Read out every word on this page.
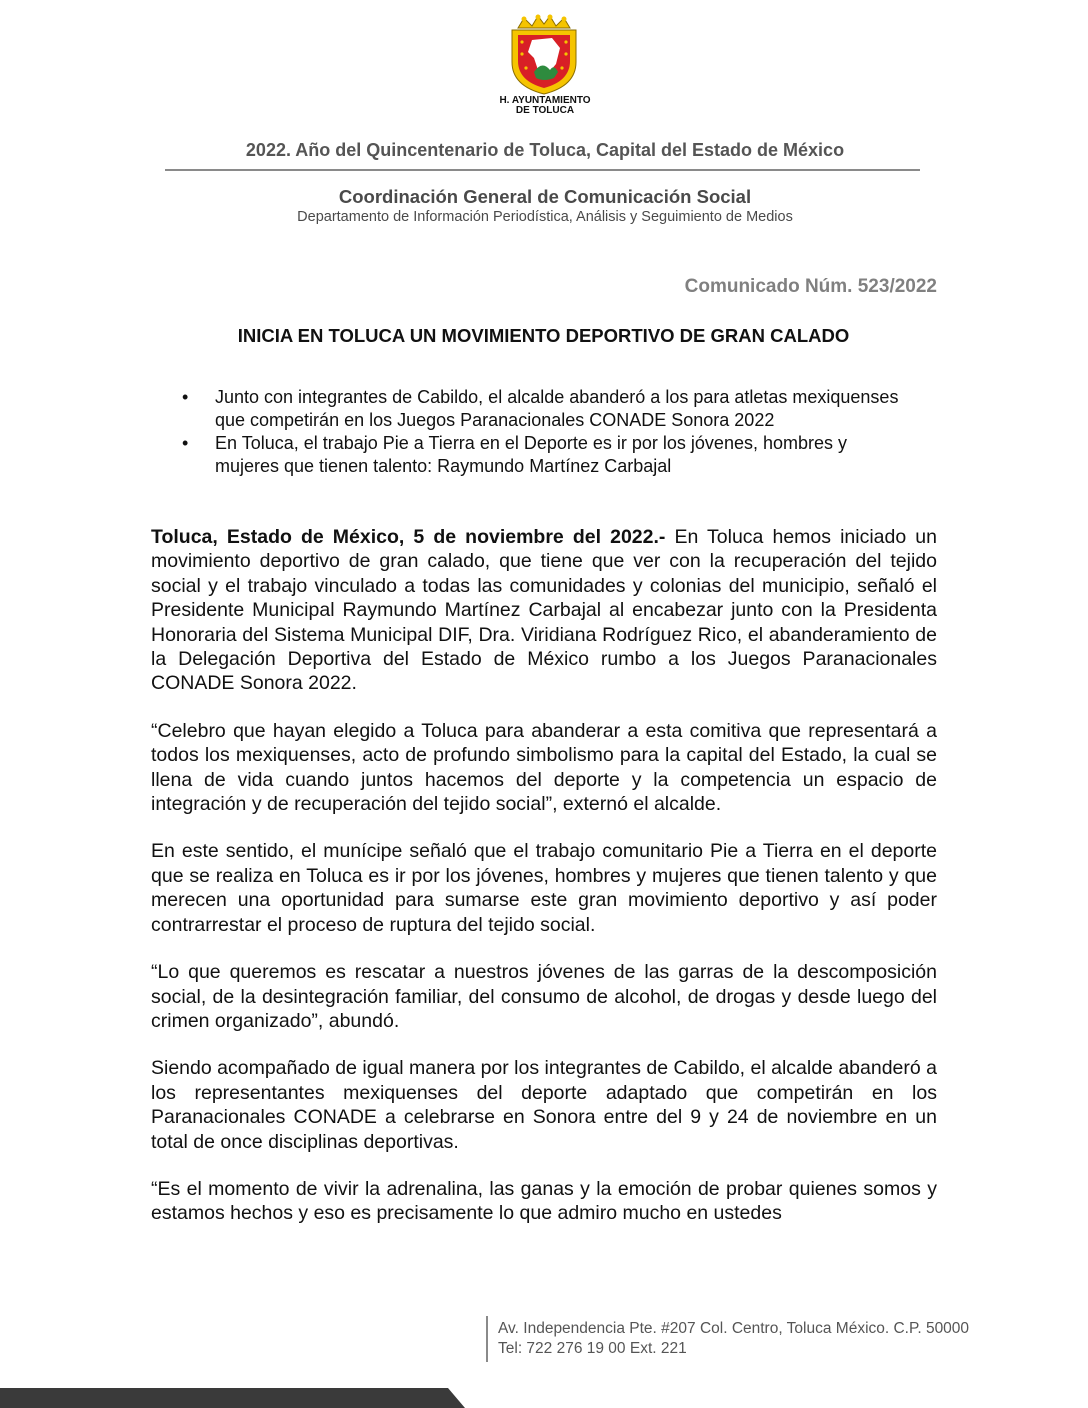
H. AYUNTAMIENTO
DE TOLUCA
2022. Año del Quincentenario de Toluca, Capital del Estado de México
Coordinación General de Comunicación Social
Departamento de Información Periodística, Análisis y Seguimiento de Medios
Comunicado Núm. 523/2022
INICIA EN TOLUCA UN MOVIMIENTO DEPORTIVO DE GRAN CALADO
• Junto con integrantes de Cabildo, el alcalde abanderó a los para atletas mexiquenses que competirán en los Juegos Paranacionales CONADE Sonora 2022
• En Toluca, el trabajo Pie a Tierra en el Deporte es ir por los jóvenes, hombres y mujeres que tienen talento: Raymundo Martínez Carbajal

Toluca, Estado de México, 5 de noviembre del 2022.- En Toluca hemos iniciado un movimiento deportivo de gran calado, que tiene que ver con la recuperación del tejido social y el trabajo vinculado a todas las comunidades y colonias del municipio, señaló el Presidente Municipal Raymundo Martínez Carbajal al encabezar junto con la Presidenta Honoraria del Sistema Municipal DIF, Dra. Viridiana Rodríguez Rico, el abanderamiento de la Delegación Deportiva del Estado de México rumbo a los Juegos Paranacionales CONADE Sonora 2022.

“Celebro que hayan elegido a Toluca para abanderar a esta comitiva que representará a todos los mexiquenses, acto de profundo simbolismo para la capital del Estado, la cual se llena de vida cuando juntos hacemos del deporte y la competencia un espacio de integración y de recuperación del tejido social”, externó el alcalde.

En este sentido, el munícipe señaló que el trabajo comunitario Pie a Tierra en el deporte que se realiza en Toluca es ir por los jóvenes, hombres y mujeres que tienen talento y que merecen una oportunidad para sumarse este gran movimiento deportivo y así poder contrarrestar el proceso de ruptura del tejido social.

“Lo que queremos es rescatar a nuestros jóvenes de las garras de la descomposición social, de la desintegración familiar, del consumo de alcohol, de drogas y desde luego del crimen organizado”, abundó.

Siendo acompañado de igual manera por los integrantes de Cabildo, el alcalde abanderó a los representantes mexiquenses del deporte adaptado que competirán en los Paranacionales CONADE a celebrarse en Sonora entre del 9 y 24 de noviembre en un total de once disciplinas deportivas.

“Es el momento de vivir la adrenalina, las ganas y la emoción de probar quienes somos y estamos hechos y eso es precisamente lo que admiro mucho en ustedes

Av. Independencia Pte. #207 Col. Centro, Toluca México. C.P. 50000
Tel: 722 276 19 00 Ext. 221
